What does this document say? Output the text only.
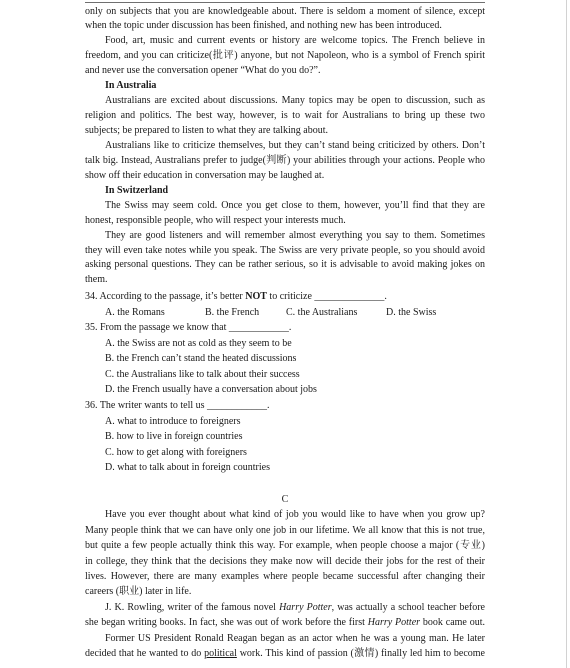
only on subjects that you are knowledgeable about. There is seldom a moment of silence, except
when the topic under discussion has been finished, and nothing new has been introduced.
Food, art, music and current events or history are welcome topics. The French believe in
freedom, and you can criticize(批评) anyone, but not Napoleon, who is a symbol of French spirit
and never use the conversation opener “What do you do?”.
In Australia
Australians are excited about discussions. Many topics may be open to discussion, such as
religion and politics. The best way, however, is to wait for Australians to bring up these two
subjects; be prepared to listen to what they are talking about.
Australians like to criticize themselves, but they can’t stand being criticized by others. Don’t
talk big. Instead, Australians prefer to judge(判断) your abilities through your actions. People who
show off their education in conversation may be laughed at.
In Switzerland
The Swiss may seem cold. Once you get close to them, however, you’ll find that they are
honest, responsible people, who will respect your interests much.
They are good listeners and will remember almost everything you say to them. Sometimes
they will even take notes while you speak. The Swiss are very private people, so you should avoid
asking personal questions. They can be rather serious, so it is advisable to avoid making jokes on
them.
34. According to the passage, it’s better NOT to criticize ______________.
A. the Romans	B. the French	C. the Australians	D. the Swiss
35. From the passage we know that ____________.
A. the Swiss are not as cold as they seem to be
B. the French can’t stand the heated discussions
C. the Australians like to talk about their success
D. the French usually have a conversation about jobs
36. The writer wants to tell us ____________.
A. what to introduce to foreigners
B. how to live in foreign countries
C. how to get along with foreigners
D. what to talk about in foreign countries
C
Have you ever thought about what kind of job you would like to have when you grow up?
Many people think that we can have only one job in our lifetime. We all know that this is not true,
but quite a few people actually think this way. For example, when people choose a major (专业)
in college, they think that the decisions they make now will decide their jobs for the rest of their
lives. However, there are many examples where people became successful after changing their
careers (职业) later in life.
J. K. Rowling, writer of the famous novel Harry Potter, was actually a school teacher before
she began writing books. In fact, she was out of work before the first Harry Potter book came out.
Former US President Ronald Reagan began as an actor when he was a young man. He later
decided that he wanted to do political work. This kind of passion (激情) finally led him to become
